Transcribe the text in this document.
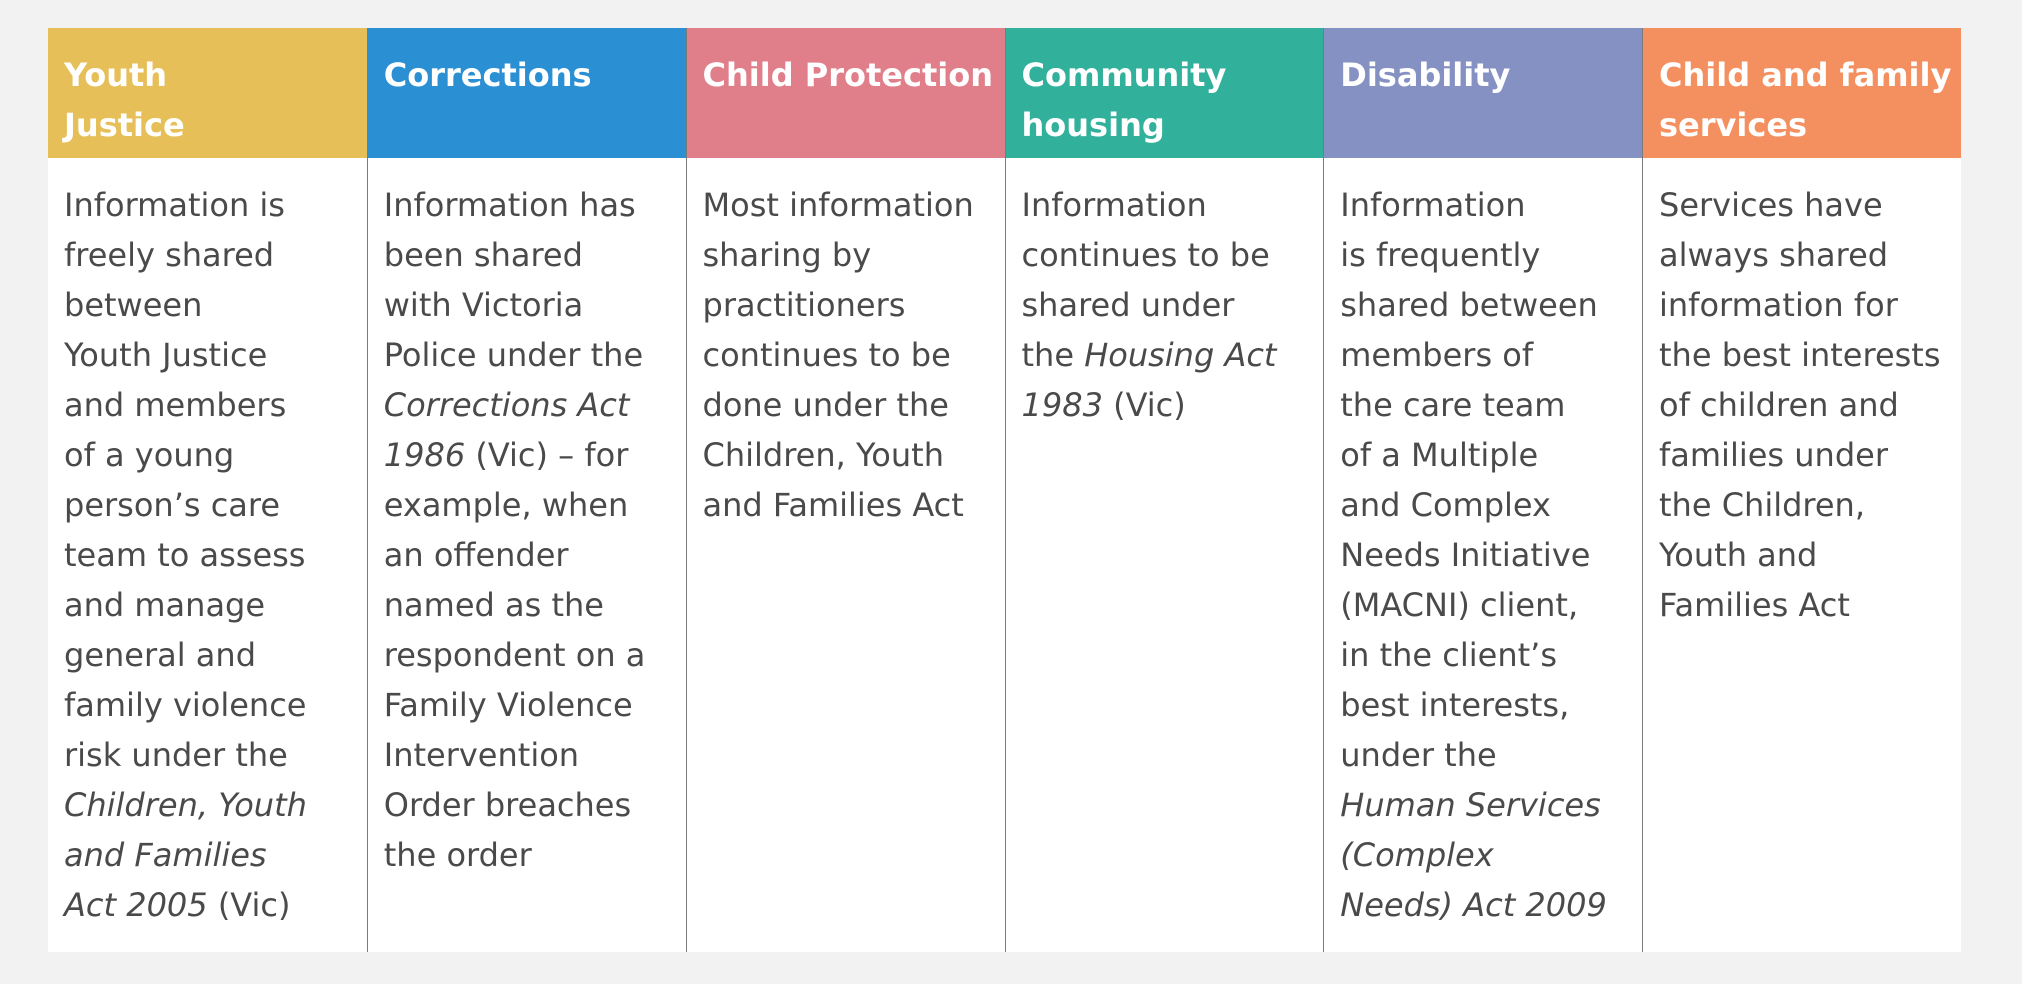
Youth
Justice
Information is
freely shared
between
Youth Justice
and members
of a young
person’s care
team to assess
and manage
general and
family violence
risk under the
Children, Youth
and Families
Act 2005 (Vic)
Corrections
Information has
been shared
with Victoria
Police under the
Corrections Act
1986 (Vic) – for
example, when
an offender
named as the
respondent on a
Family Violence
Intervention
Order breaches
the order
Child Protection
Most information
sharing by
practitioners
continues to be
done under the
Children, Youth
and Families Act
Community
housing
Information
continues to be
shared under
the Housing Act
1983 (Vic)
Disability
Information
is frequently
shared between
members of
the care team
of a Multiple
and Complex
Needs Initiative
(MACNI) client,
in the client’s
best interests,
under the
Human Services
(Complex
Needs) Act 2009
Child and family
services
Services have
always shared
information for
the best interests
of children and
families under
the Children,
Youth and
Families Act
